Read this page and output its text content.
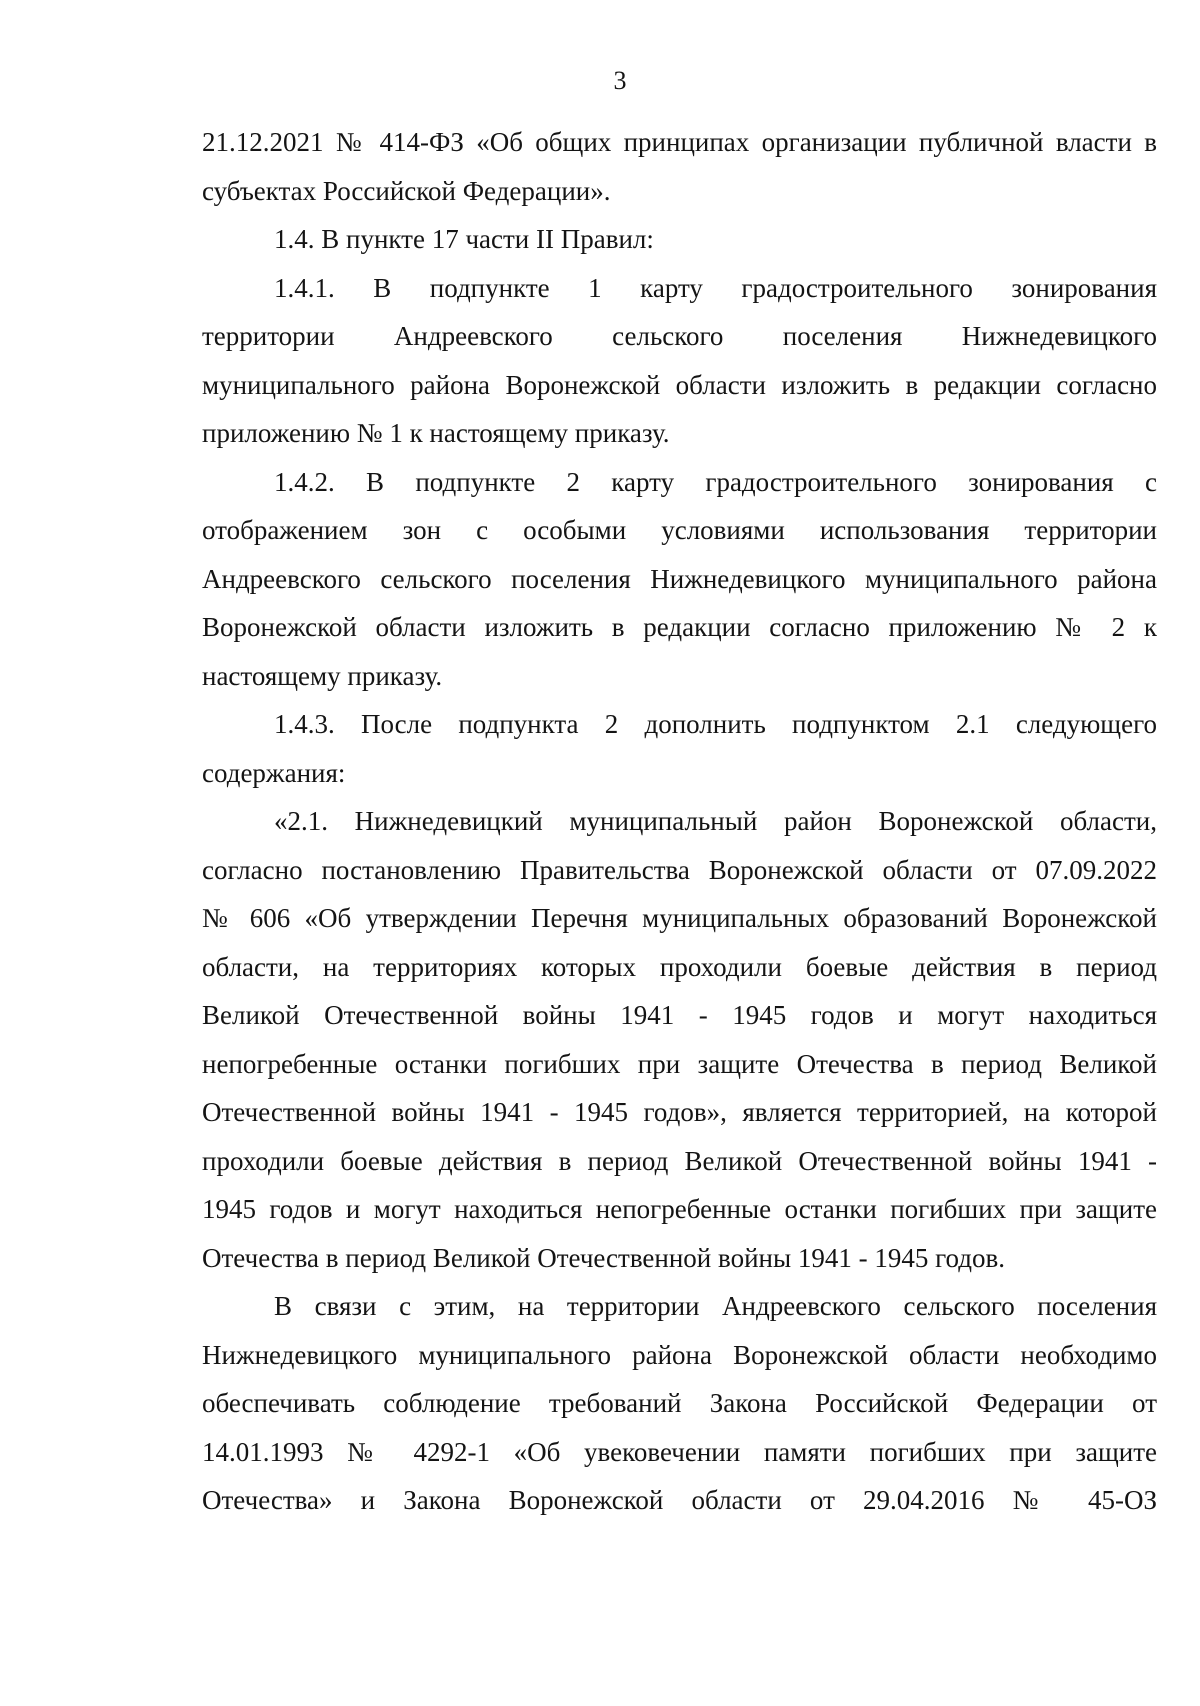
3
21.12.2021 № 414-ФЗ «Об общих принципах организации публичной власти в
субъектах Российской Федерации».
1.4. В пункте 17 части II Правил:
1.4.1. В подпункте 1 карту градостроительного зонирования
территории Андреевского сельского поселения Нижнедевицкого
муниципального района Воронежской области изложить в редакции согласно
приложению № 1 к настоящему приказу.
1.4.2. В подпункте 2 карту градостроительного зонирования с
отображением зон с особыми условиями использования территории
Андреевского сельского поселения Нижнедевицкого муниципального района
Воронежской области изложить в редакции согласно приложению № 2 к
настоящему приказу.
1.4.3. После подпункта 2 дополнить подпунктом 2.1 следующего
содержания:
«2.1. Нижнедевицкий муниципальный район Воронежской области,
согласно постановлению Правительства Воронежской области от 07.09.2022
№ 606 «Об утверждении Перечня муниципальных образований Воронежской
области, на территориях которых проходили боевые действия в период
Великой Отечественной войны 1941 - 1945 годов и могут находиться
непогребенные останки погибших при защите Отечества в период Великой
Отечественной войны 1941 - 1945 годов», является территорией, на которой
проходили боевые действия в период Великой Отечественной войны 1941 -
1945 годов и могут находиться непогребенные останки погибших при защите
Отечества в период Великой Отечественной войны 1941 - 1945 годов.
В связи с этим, на территории Андреевского сельского поселения
Нижнедевицкого муниципального района Воронежской области необходимо
обеспечивать соблюдение требований Закона Российской Федерации от
14.01.1993 № 4292-1 «Об увековечении памяти погибших при защите
Отечества» и Закона Воронежской области от 29.04.2016 № 45-ОЗ
